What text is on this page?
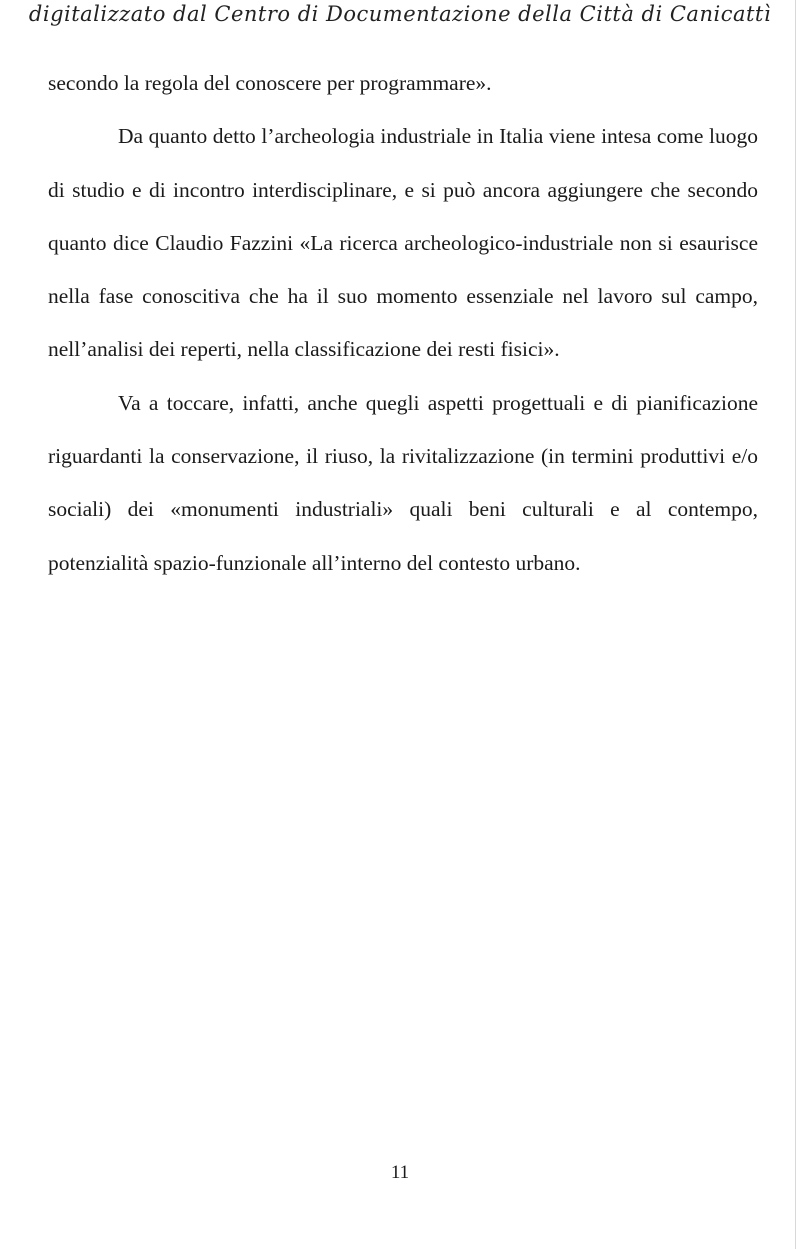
digitalizzato dal Centro di Documentazione della Città di Canicattì

secondo la regola del conoscere per programmare».

Da quanto detto l’archeologia industriale in Italia viene intesa come luogo di studio e di incontro interdisciplinare, e si può ancora aggiungere che secondo quanto dice Claudio Fazzini «La ricerca archeologico-industriale non si esaurisce nella fase conoscitiva che ha il suo momento essenziale nel lavoro sul campo, nell’analisi dei reperti, nella classificazione dei resti fisici».

Va a toccare, infatti, anche quegli aspetti progettuali e di pianificazione riguardanti la conservazione, il riuso, la rivitalizzazione (in termini produttivi e/o sociali) dei «monumenti industriali» quali beni culturali e al contempo, potenzialità spazio-funzionale all’interno del contesto urbano.

11
